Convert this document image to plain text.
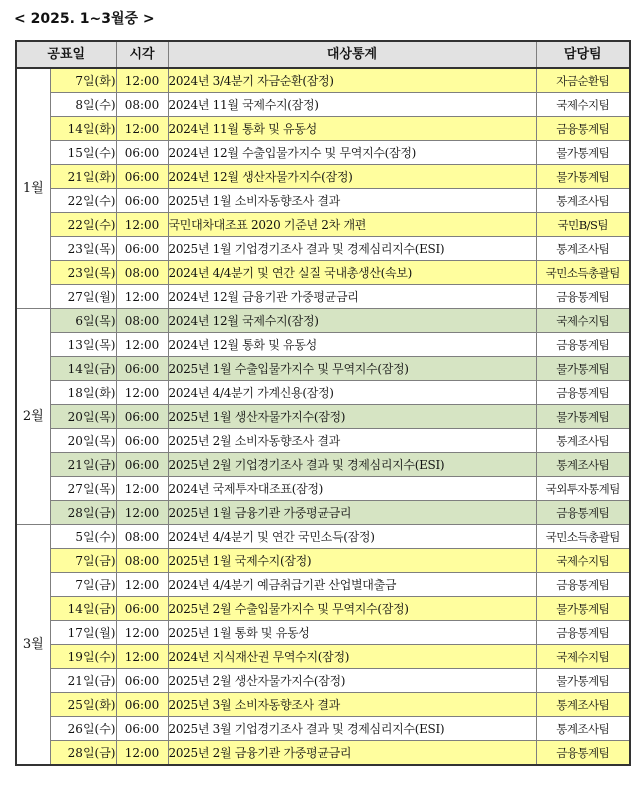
< 2025. 1~3월중 >
공표일		시각	대상통계	담당팀
1월	7일(화)	12:00	2024년 3/4분기 자금순환(잠정)	자금순환팀
	8일(수)	08:00	2024년 11월 국제수지(잠정)	국제수지팀
	14일(화)	12:00	2024년 11월 통화 및 유동성	금융통계팀
	15일(수)	06:00	2024년 12월 수출입물가지수 및 무역지수(잠정)	물가통계팀
	21일(화)	06:00	2024년 12월 생산자물가지수(잠정)	물가통계팀
	22일(수)	06:00	2025년 1월 소비자동향조사 결과	통계조사팀
	22일(수)	12:00	국민대차대조표 2020 기준년 2차 개편	국민B/S팀
	23일(목)	06:00	2025년 1월 기업경기조사 결과 및 경제심리지수(ESI)	통계조사팀
	23일(목)	08:00	2024년 4/4분기 및 연간 실질 국내총생산(속보)	국민소득총괄팀
	27일(월)	12:00	2024년 12월 금융기관 가중평균금리	금융통계팀
2월	6일(목)	08:00	2024년 12월 국제수지(잠정)	국제수지팀
	13일(목)	12:00	2024년 12월 통화 및 유동성	금융통계팀
	14일(금)	06:00	2025년 1월 수출입물가지수 및 무역지수(잠정)	물가통계팀
	18일(화)	12:00	2024년 4/4분기 가계신용(잠정)	금융통계팀
	20일(목)	06:00	2025년 1월 생산자물가지수(잠정)	물가통계팀
	20일(목)	06:00	2025년 2월 소비자동향조사 결과	통계조사팀
	21일(금)	06:00	2025년 2월 기업경기조사 결과 및 경제심리지수(ESI)	통계조사팀
	27일(목)	12:00	2024년 국제투자대조표(잠정)	국외투자통계팀
	28일(금)	12:00	2025년 1월 금융기관 가중평균금리	금융통계팀
3월	5일(수)	08:00	2024년 4/4분기 및 연간 국민소득(잠정)	국민소득총괄팀
	7일(금)	08:00	2025년 1월 국제수지(잠정)	국제수지팀
	7일(금)	12:00	2024년 4/4분기 예금취급기관 산업별대출금	금융통계팀
	14일(금)	06:00	2025년 2월 수출입물가지수 및 무역지수(잠정)	물가통계팀
	17일(월)	12:00	2025년 1월 통화 및 유동성	금융통계팀
	19일(수)	12:00	2024년 지식재산권 무역수지(잠정)	국제수지팀
	21일(금)	06:00	2025년 2월 생산자물가지수(잠정)	물가통계팀
	25일(화)	06:00	2025년 3월 소비자동향조사 결과	통계조사팀
	26일(수)	06:00	2025년 3월 기업경기조사 결과 및 경제심리지수(ESI)	통계조사팀
	28일(금)	12:00	2025년 2월 금융기관 가중평균금리	금융통계팀
